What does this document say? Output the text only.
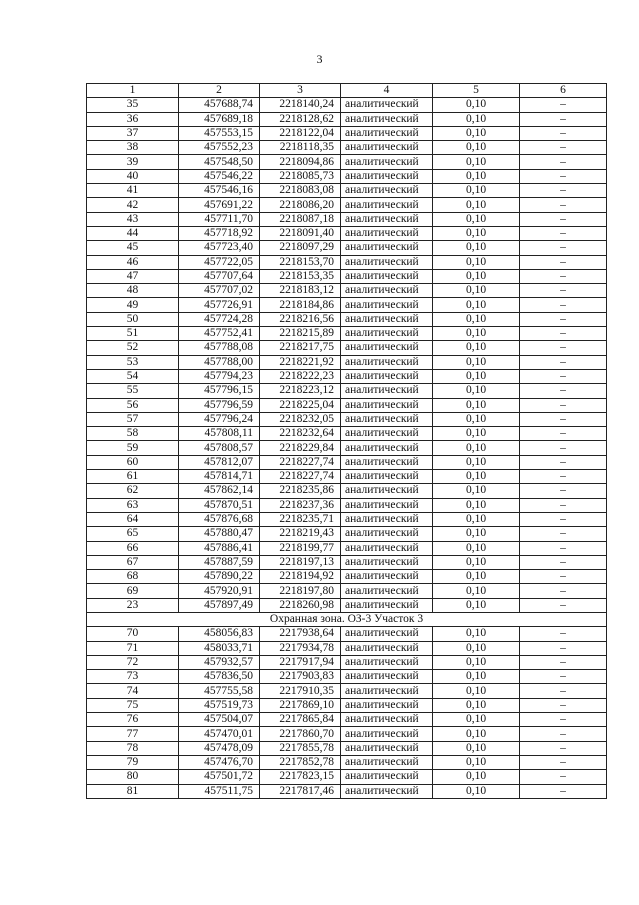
3
1	2	3	4	5	6
35	457688,74	2218140,24	аналитический	0,10	–
36	457689,18	2218128,62	аналитический	0,10	–
37	457553,15	2218122,04	аналитический	0,10	–
38	457552,23	2218118,35	аналитический	0,10	–
39	457548,50	2218094,86	аналитический	0,10	–
40	457546,22	2218085,73	аналитический	0,10	–
41	457546,16	2218083,08	аналитический	0,10	–
42	457691,22	2218086,20	аналитический	0,10	–
43	457711,70	2218087,18	аналитический	0,10	–
44	457718,92	2218091,40	аналитический	0,10	–
45	457723,40	2218097,29	аналитический	0,10	–
46	457722,05	2218153,70	аналитический	0,10	–
47	457707,64	2218153,35	аналитический	0,10	–
48	457707,02	2218183,12	аналитический	0,10	–
49	457726,91	2218184,86	аналитический	0,10	–
50	457724,28	2218216,56	аналитический	0,10	–
51	457752,41	2218215,89	аналитический	0,10	–
52	457788,08	2218217,75	аналитический	0,10	–
53	457788,00	2218221,92	аналитический	0,10	–
54	457794,23	2218222,23	аналитический	0,10	–
55	457796,15	2218223,12	аналитический	0,10	–
56	457796,59	2218225,04	аналитический	0,10	–
57	457796,24	2218232,05	аналитический	0,10	–
58	457808,11	2218232,64	аналитический	0,10	–
59	457808,57	2218229,84	аналитический	0,10	–
60	457812,07	2218227,74	аналитический	0,10	–
61	457814,71	2218227,74	аналитический	0,10	–
62	457862,14	2218235,86	аналитический	0,10	–
63	457870,51	2218237,36	аналитический	0,10	–
64	457876,68	2218235,71	аналитический	0,10	–
65	457880,47	2218219,43	аналитический	0,10	–
66	457886,41	2218199,77	аналитический	0,10	–
67	457887,59	2218197,13	аналитический	0,10	–
68	457890,22	2218194,92	аналитический	0,10	–
69	457920,91	2218197,80	аналитический	0,10	–
23	457897,49	2218260,98	аналитический	0,10	–
Охранная зона. ОЗ-3 Участок 3					
70	458056,83	2217938,64	аналитический	0,10	–
71	458033,71	2217934,78	аналитический	0,10	–
72	457932,57	2217917,94	аналитический	0,10	–
73	457836,50	2217903,83	аналитический	0,10	–
74	457755,58	2217910,35	аналитический	0,10	–
75	457519,73	2217869,10	аналитический	0,10	–
76	457504,07	2217865,84	аналитический	0,10	–
77	457470,01	2217860,70	аналитический	0,10	–
78	457478,09	2217855,78	аналитический	0,10	–
79	457476,70	2217852,78	аналитический	0,10	–
80	457501,72	2217823,15	аналитический	0,10	–
81	457511,75	2217817,46	аналитический	0,10	–
